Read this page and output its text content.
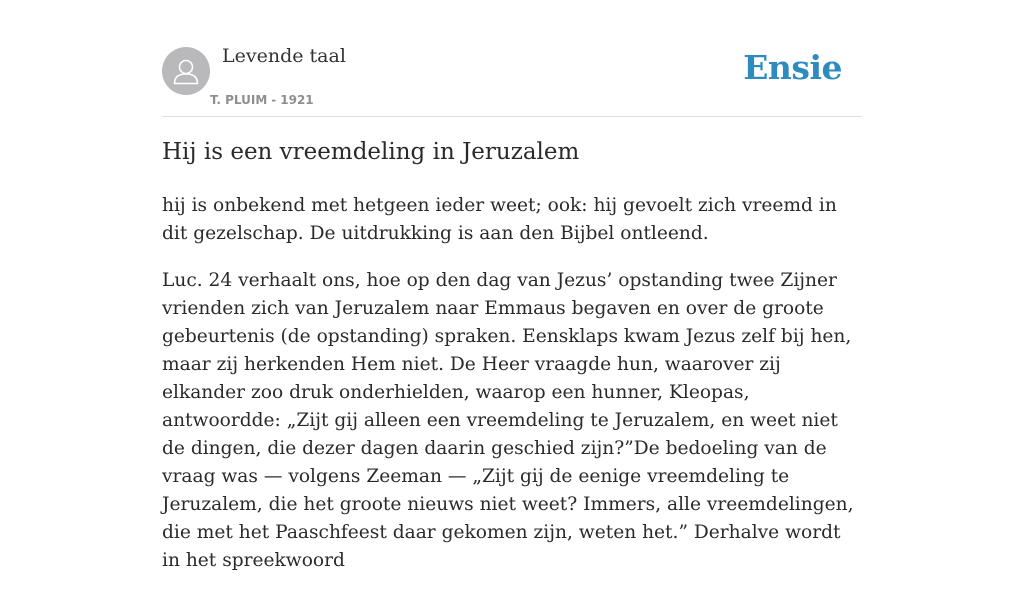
Levende taal
T. PLUIM - 1921
Ensie
Hij is een vreemdeling in Jeruzalem

hij is onbekend met hetgeen ieder weet; ook: hij gevoelt zich vreemd in dit gezelschap. De uitdrukking is aan den Bijbel ontleend.

Luc. 24 verhaalt ons, hoe op den dag van Jezus’ opstanding twee Zijner vrienden zich van Jeruzalem naar Emmaus begaven en over de groote gebeurtenis (de opstanding) spraken. Eensklaps kwam Jezus zelf bij hen, maar zij herkenden Hem niet. De Heer vraagde hun, waarover zij elkander zoo druk onderhielden, waarop een hunner, Kleopas, antwoordde: „Zijt gij alleen een vreemdeling te Jeruzalem, en weet niet de dingen, die dezer dagen daarin geschied zijn?”De bedoeling van de vraag was — volgens Zeeman — „Zijt gij de eenige vreemdeling te Jeruzalem, die het groote nieuws niet weet? Immers, alle vreemdelingen, die met het Paaschfeest daar gekomen zijn, weten het.” Derhalve wordt in het spreekwoord
